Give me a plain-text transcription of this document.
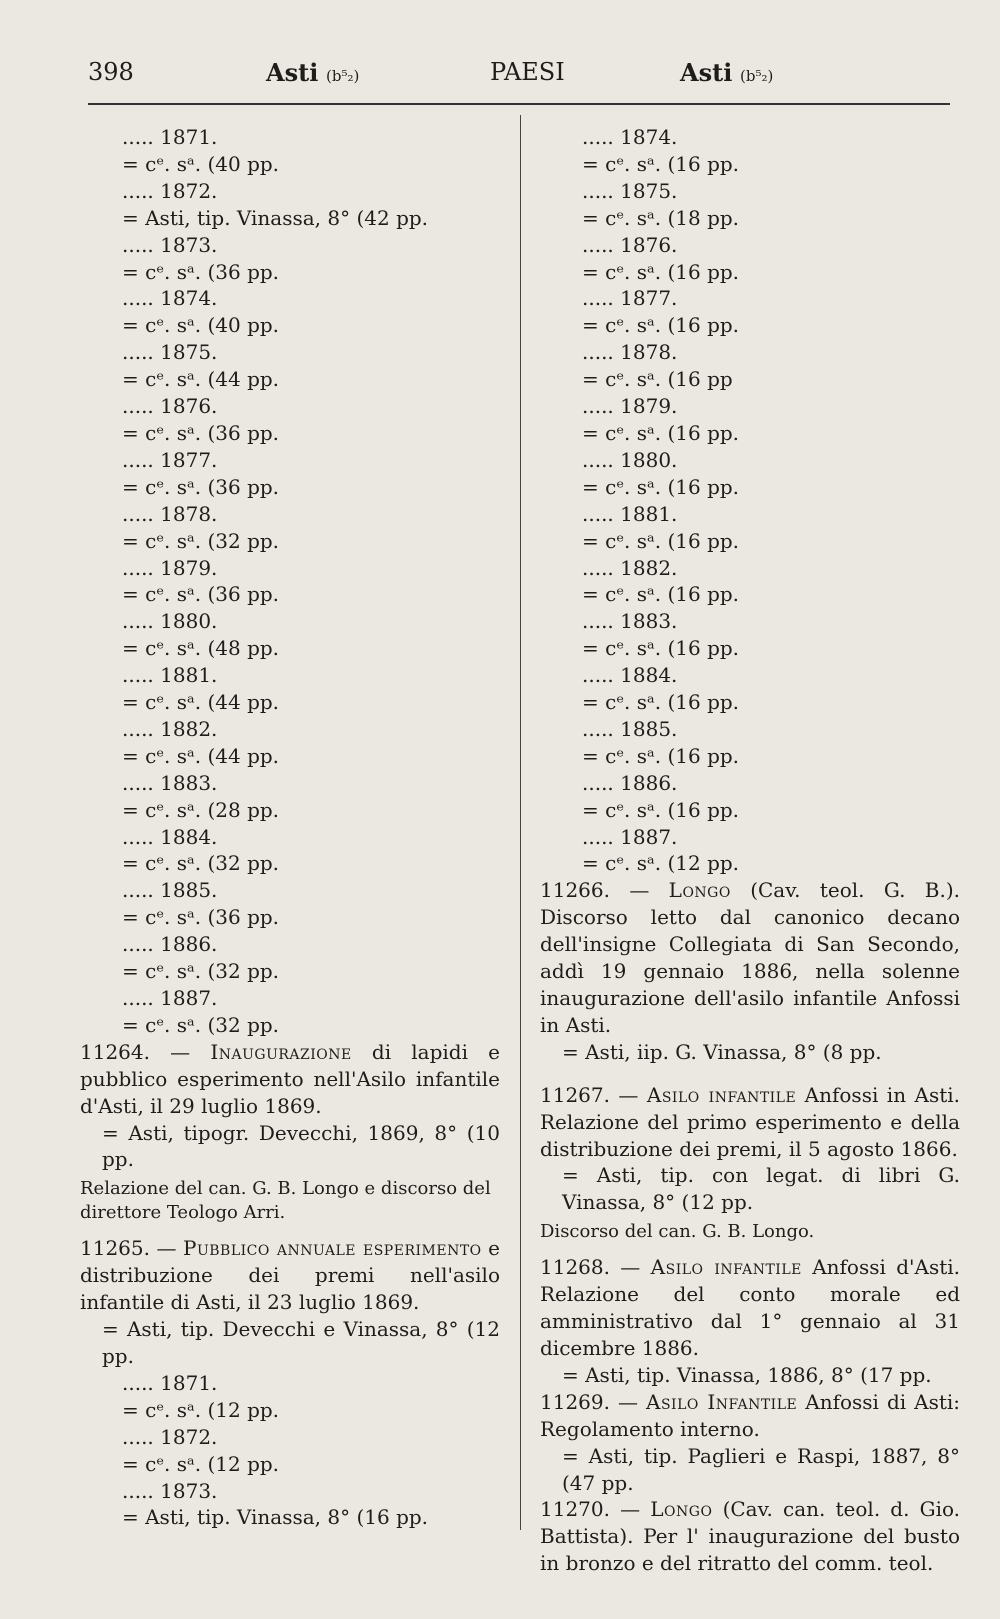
398	Asti (b⁵₂)	PAESI	Asti (b⁵₂)
..... 1871.
= cᵉ. sᵃ. (40 pp.
..... 1872.
= Asti, tip. Vinassa, 8° (42 pp.
..... 1873.
= cᵉ. sᵃ. (36 pp.
..... 1874.
= cᵉ. sᵃ. (40 pp.
..... 1875.
= cᵉ. sᵃ. (44 pp.
..... 1876.
= cᵉ. sᵃ. (36 pp.
..... 1877.
= cᵉ. sᵃ. (36 pp.
..... 1878.
= cᵉ. sᵃ. (32 pp.
..... 1879.
= cᵉ. sᵃ. (36 pp.
..... 1880.
= cᵉ. sᵃ. (48 pp.
..... 1881.
= cᵉ. sᵃ. (44 pp.
..... 1882.
= cᵉ. sᵃ. (44 pp.
..... 1883.
= cᵉ. sᵃ. (28 pp.
..... 1884.
= cᵉ. sᵃ. (32 pp.
..... 1885.
= cᵉ. sᵃ. (36 pp.
..... 1886.
= cᵉ. sᵃ. (32 pp.
..... 1887.
= cᵉ. sᵃ. (32 pp.
11264. — Inaugurazione di lapidi e pubblico esperimento nell'Asilo infantile d'Asti, il 29 luglio 1869.
= Asti, tipogr. Devecchi, 1869, 8° (10 pp.
Relazione del can. G. B. Longo e discorso del direttore Teologo Arri.
11265. — Pubblico annuale esperimento e distribuzione dei premi nell'asilo infantile di Asti, il 23 luglio 1869.
= Asti, tip. Devecchi e Vinassa, 8° (12 pp.
..... 1871.
= cᵉ. sᵃ. (12 pp.
..... 1872.
= cᵉ. sᵃ. (12 pp.
..... 1873.
= Asti, tip. Vinassa, 8° (16 pp.
..... 1874.
= cᵉ. sᵃ. (16 pp.
..... 1875.
= cᵉ. sᵃ. (18 pp.
..... 1876.
= cᵉ. sᵃ. (16 pp.
..... 1877.
= cᵉ. sᵃ. (16 pp.
..... 1878.
= cᵉ. sᵃ. (16 pp
..... 1879.
= cᵉ. sᵃ. (16 pp.
..... 1880.
= cᵉ. sᵃ. (16 pp.
..... 1881.
= cᵉ. sᵃ. (16 pp.
..... 1882.
= cᵉ. sᵃ. (16 pp.
..... 1883.
= cᵉ. sᵃ. (16 pp.
..... 1884.
= cᵉ. sᵃ. (16 pp.
..... 1885.
= cᵉ. sᵃ. (16 pp.
..... 1886.
= cᵉ. sᵃ. (16 pp.
..... 1887.
= cᵉ. sᵃ. (12 pp.
11266. — Longo (Cav. teol. G. B.). Discorso letto dal canonico decano dell'insigne Collegiata di San Secondo, addì 19 gennaio 1886, nella solenne inaugurazione dell'asilo infantile Anfossi in Asti.
= Asti, iip. G. Vinassa, 8° (8 pp.
11267. — Asilo infantile Anfossi in Asti. Relazione del primo esperimento e della distribuzione dei premi, il 5 agosto 1866.
= Asti, tip. con legat. di libri G. Vinassa, 8° (12 pp.
Discorso del can. G. B. Longo.
11268. — Asilo infantile Anfossi d'Asti. Relazione del conto morale ed amministrativo dal 1° gennaio al 31 dicembre 1886.
= Asti, tip. Vinassa, 1886, 8° (17 pp.
11269. — Asilo Infantile Anfossi di Asti: Regolamento interno.
= Asti, tip. Paglieri e Raspi, 1887, 8° (47 pp.
11270. — Longo (Cav. can. teol. d. Gio. Battista). Per l' inaugurazione del busto in bronzo e del ritratto del comm. teol.
